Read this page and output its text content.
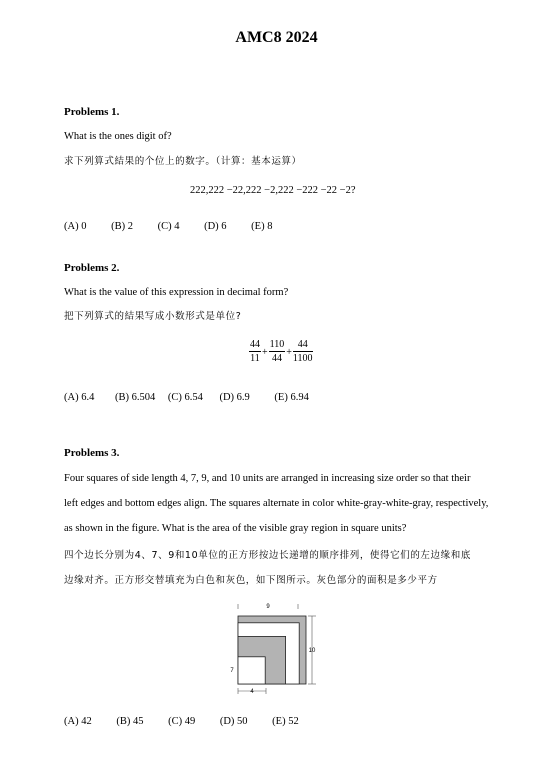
AMC8 2024
Problems 1.
What is the ones digit of?
求下列算式結果的个位上的数字。（计算：基本运算）
222,222 −22,222 −2,222 −222 −22 −2?
(A) 0 (B) 2 (C) 4 (D) 6 (E) 8
Problems 2.
What is the value of this expression in decimal form?
把下列算式的結果写成小数形式是单位?
$\frac{44}{11} + \frac{110}{44} + \frac{44}{1100}$
(A) 6.4 (B) 6.504 (C) 6.54 (D) 6.9 (E) 6.94
Problems 3.
Four squares of side length 4, 7, 9, and 10 units are arranged in increasing size order so that their
left edges and bottom edges align. The squares alternate in color white-gray-white-gray, respectively,
as shown in the figure. What is the area of the visible gray region in square units?
四个边长分别为4、7、9和10单位的正方形按边长递增的顺序排列，使得它们的左边缘和底
边缘对齐。正方形交替填充为白色和灰色，如下图所示。灰色部分的面积是多少平方
9
10
7
4
(A) 42 (B) 45 (C) 49 (D) 50 (E) 52
